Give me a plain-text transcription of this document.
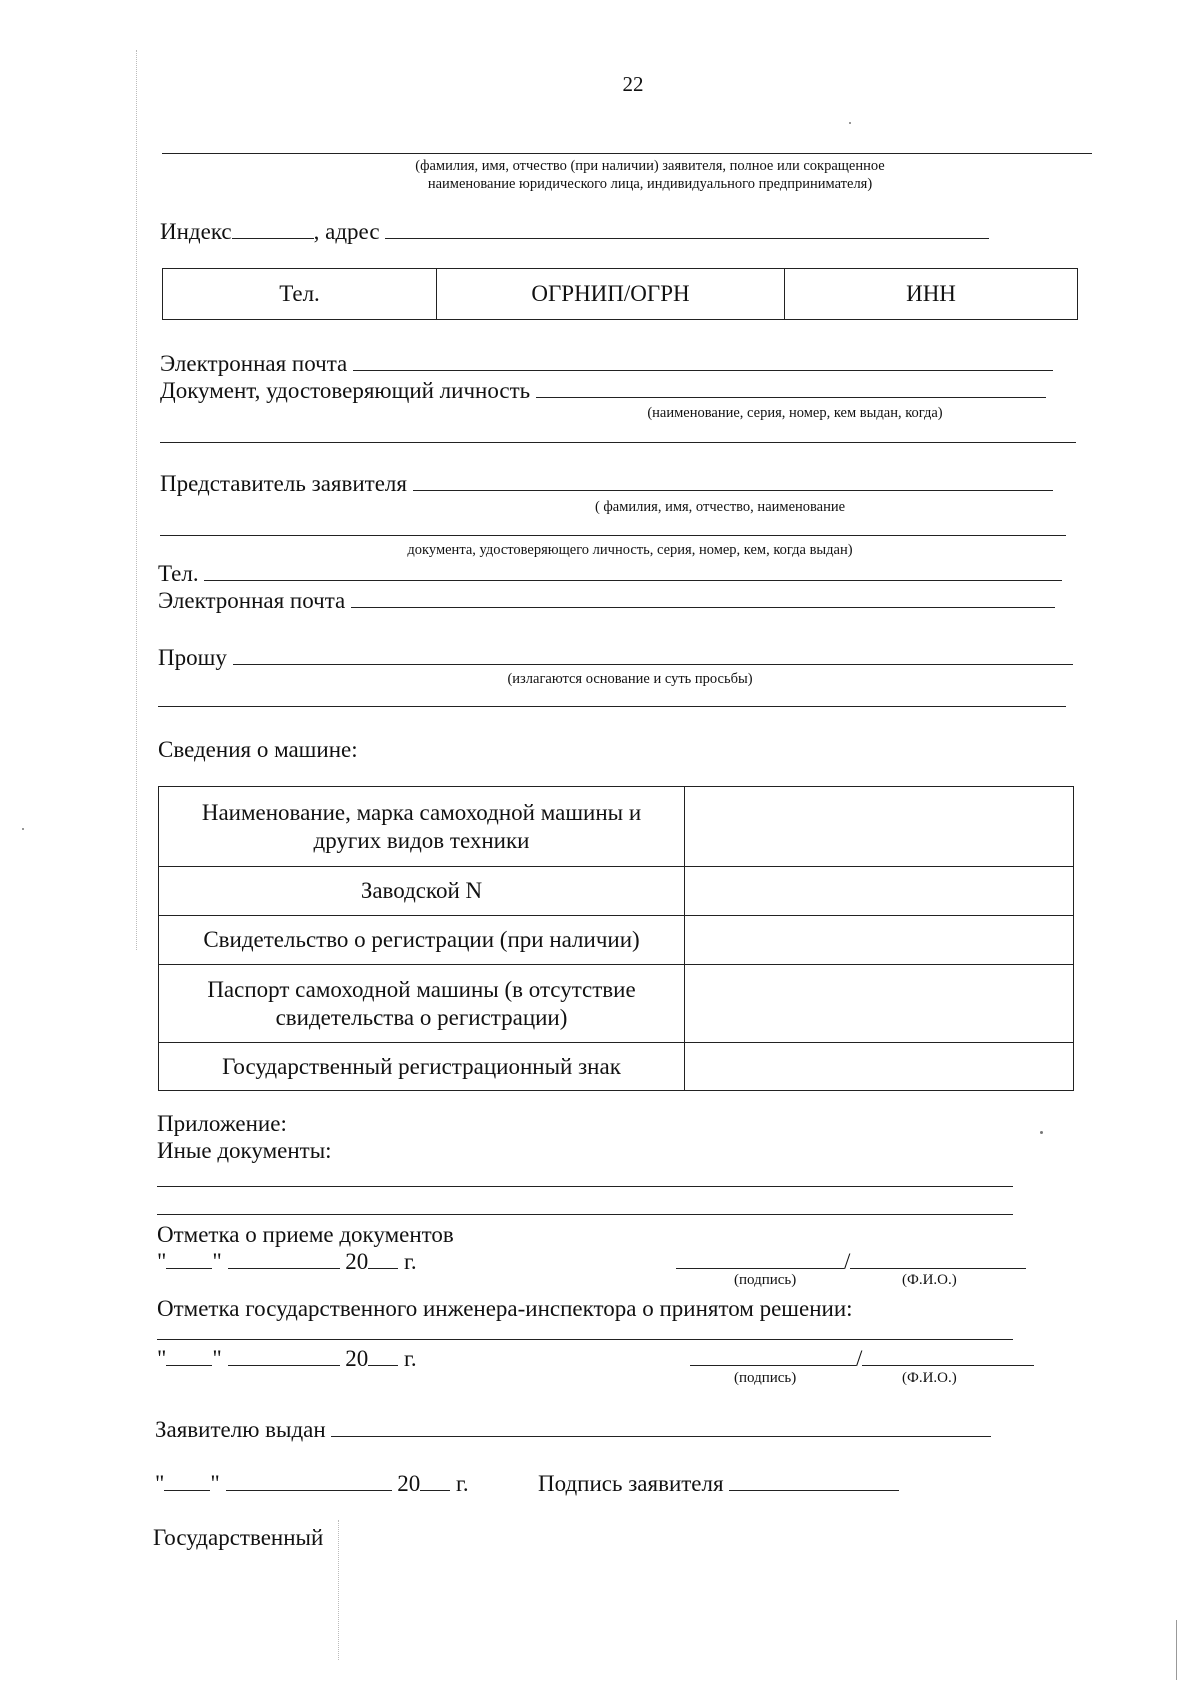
22
(фамилия, имя, отчество (при наличии) заявителя, полное или сокращенное
наименование юридического лица, индивидуального предпринимателя)
Индекс	, адрес
Тел.	ОГРНИП/ОГРН	ИНН
Электронная почта
Документ, удостоверяющий личность
(наименование, серия, номер, кем выдан, когда)
Представитель заявителя
( фамилия, имя, отчество, наименование
документа, удостоверяющего личность, серия, номер, кем, когда выдан)
Тел.
Электронная почта
Прошу
(излагаются основание и суть просьбы)
Сведения о машине:
Наименование, марка самоходной машины и других видов техники	
Заводской N	
Свидетельство о регистрации (при наличии)	
Паспорт самоходной машины (в отсутствие свидетельства о регистрации)	
Государственный регистрационный знак	
Приложение:
Иные документы:
Отметка о приеме документов
" "	20 г.	/
(подпись)	(Ф.И.О.)
Отметка государственного инженера-инспектора о принятом решении:
" "	20 г.	/
(подпись)	(Ф.И.О.)
Заявителю выдан
" "	20 г.	Подпись заявителя
Государственный
